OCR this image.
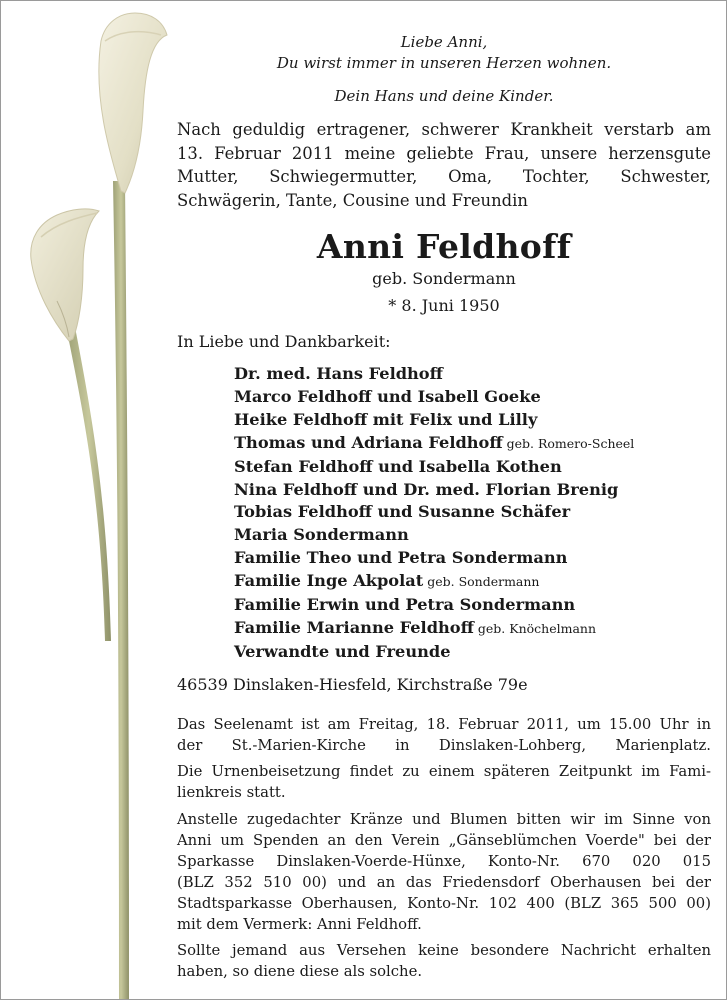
Liebe Anni,
Du wirst immer in unseren Herzen wohnen.
Dein Hans und deine Kinder.
Nach geduldig ertragener, schwerer Krankheit verstarb am
13. Februar 2011 meine geliebte Frau, unsere herzensgute
Mutter, Schwiegermutter, Oma, Tochter, Schwester,
Schwägerin, Tante, Cousine und Freundin
Anni Feldhoff
geb. Sondermann
* 8. Juni 1950
In Liebe und Dankbarkeit:
Dr. med. Hans Feldhoff
Marco Feldhoff und Isabell Goeke
Heike Feldhoff mit Felix und Lilly
Thomas und Adriana Feldhoff geb. Romero-Scheel
Stefan Feldhoff und Isabella Kothen
Nina Feldhoff und Dr. med. Florian Brenig
Tobias Feldhoff und Susanne Schäfer
Maria Sondermann
Familie Theo und Petra Sondermann
Familie Inge Akpolat geb. Sondermann
Familie Erwin und Petra Sondermann
Familie Marianne Feldhoff geb. Knöchelmann
Verwandte und Freunde
46539 Dinslaken-Hiesfeld, Kirchstraße 79e
Das Seelenamt ist am Freitag, 18. Februar 2011, um 15.00 Uhr in
der St.-Marien-Kirche in Dinslaken-Lohberg, Marienplatz.
Die Urnenbeisetzung findet zu einem späteren Zeitpunkt im Fami-
lienkreis statt.
Anstelle zugedachter Kränze und Blumen bitten wir im Sinne von
Anni um Spenden an den Verein „Gänseblümchen Voerde" bei der
Sparkasse Dinslaken-Voerde-Hünxe, Konto-Nr. 670 020 015
(BLZ 352 510 00) und an das Friedensdorf Oberhausen bei der
Stadtsparkasse Oberhausen, Konto-Nr. 102 400 (BLZ 365 500 00)
mit dem Vermerk: Anni Feldhoff.
Sollte jemand aus Versehen keine besondere Nachricht erhalten
haben, so diene diese als solche.
